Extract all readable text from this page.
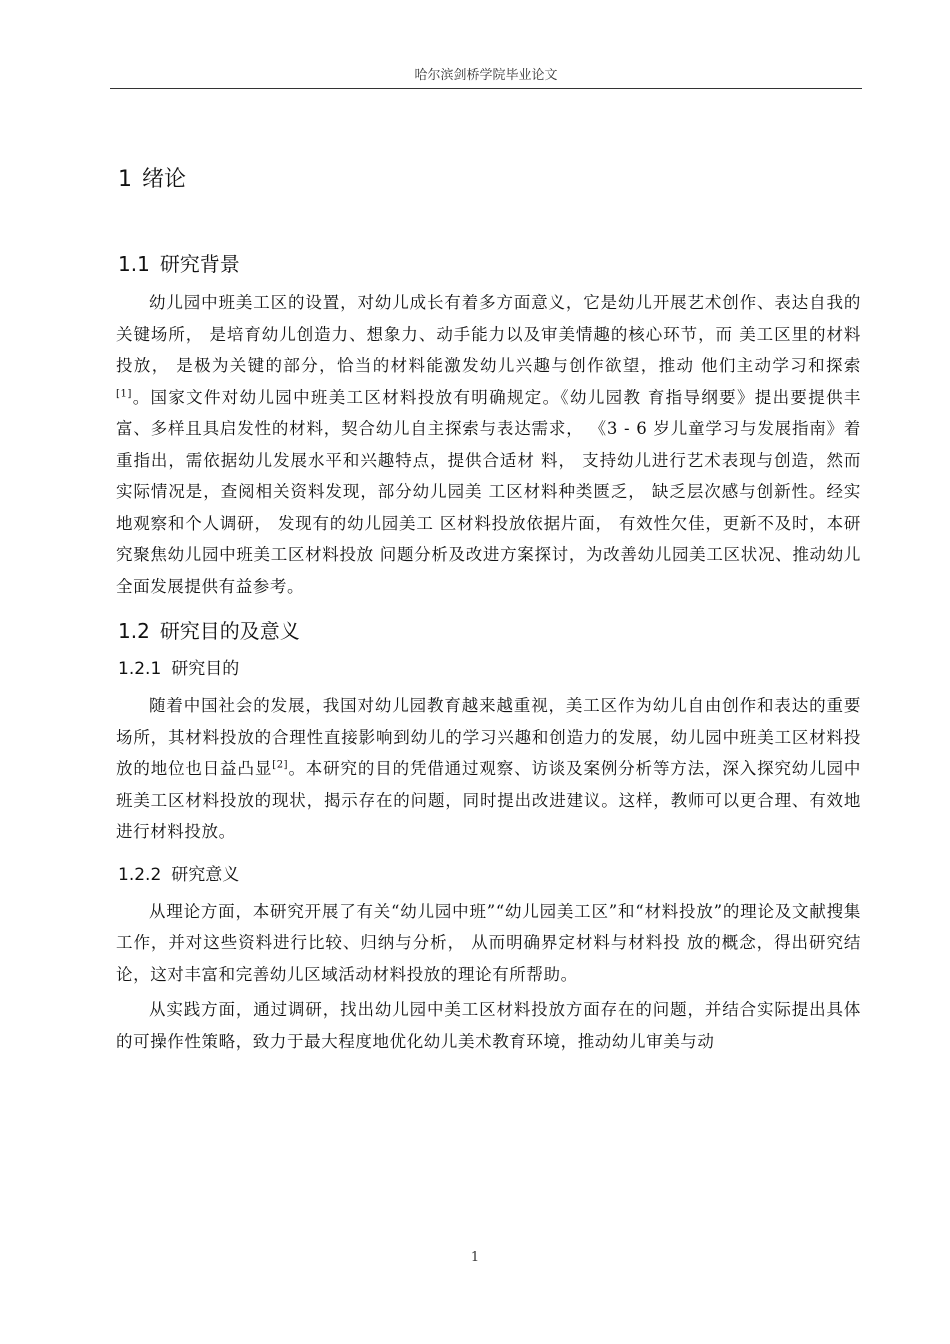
哈尔滨剑桥学院毕业论文
1 绪论
1.1 研究背景

幼儿园中班美工区的设置，对幼儿成长有着多方面意义，它是幼儿开展艺术创作、表达自我的关键场所， 是培育幼儿创造力、想象力、动手能力以及审美情趣的核心环节，而 美工区里的材料投放， 是极为关键的部分，恰当的材料能激发幼儿兴趣与创作欲望，推动 他们主动学习和探索[1]。国家文件对幼儿园中班美工区材料投放有明确规定。《幼儿园教 育指导纲要》提出要提供丰富、多样且具启发性的材料，契合幼儿自主探索与表达需求， 《3 - 6 岁儿童学习与发展指南》着重指出，需依据幼儿发展水平和兴趣特点，提供合适材 料， 支持幼儿进行艺术表现与创造，然而实际情况是，查阅相关资料发现，部分幼儿园美 工区材料种类匮乏， 缺乏层次感与创新性。经实地观察和个人调研， 发现有的幼儿园美工 区材料投放依据片面， 有效性欠佳，更新不及时，本研究聚焦幼儿园中班美工区材料投放 问题分析及改进方案探讨，为改善幼儿园美工区状况、推动幼儿全面发展提供有益参考。

1.2 研究目的及意义
1.2.1 研究目的

随着中国社会的发展，我国对幼儿园教育越来越重视，美工区作为幼儿自由创作和表达的重要场所，其材料投放的合理性直接影响到幼儿的学习兴趣和创造力的发展，幼儿园中班美工区材料投放的地位也日益凸显[2]。本研究的目的凭借通过观察、访谈及案例分析等方法，深入探究幼儿园中班美工区材料投放的现状，揭示存在的问题，同时提出改进建议。这样，教师可以更合理、有效地进行材料投放。

1.2.2 研究意义

从理论方面，本研究开展了有关“幼儿园中班”“幼儿园美工区”和“材料投放”的理论及文献搜集工作，并对这些资料进行比较、归纳与分析， 从而明确界定材料与材料投 放的概念，得出研究结论，这对丰富和完善幼儿区域活动材料投放的理论有所帮助。

从实践方面，通过调研，找出幼儿园中美工区材料投放方面存在的问题，并结合实际提出具体的可操作性策略，致力于最大程度地优化幼儿美术教育环境，推动幼儿审美与动

1
